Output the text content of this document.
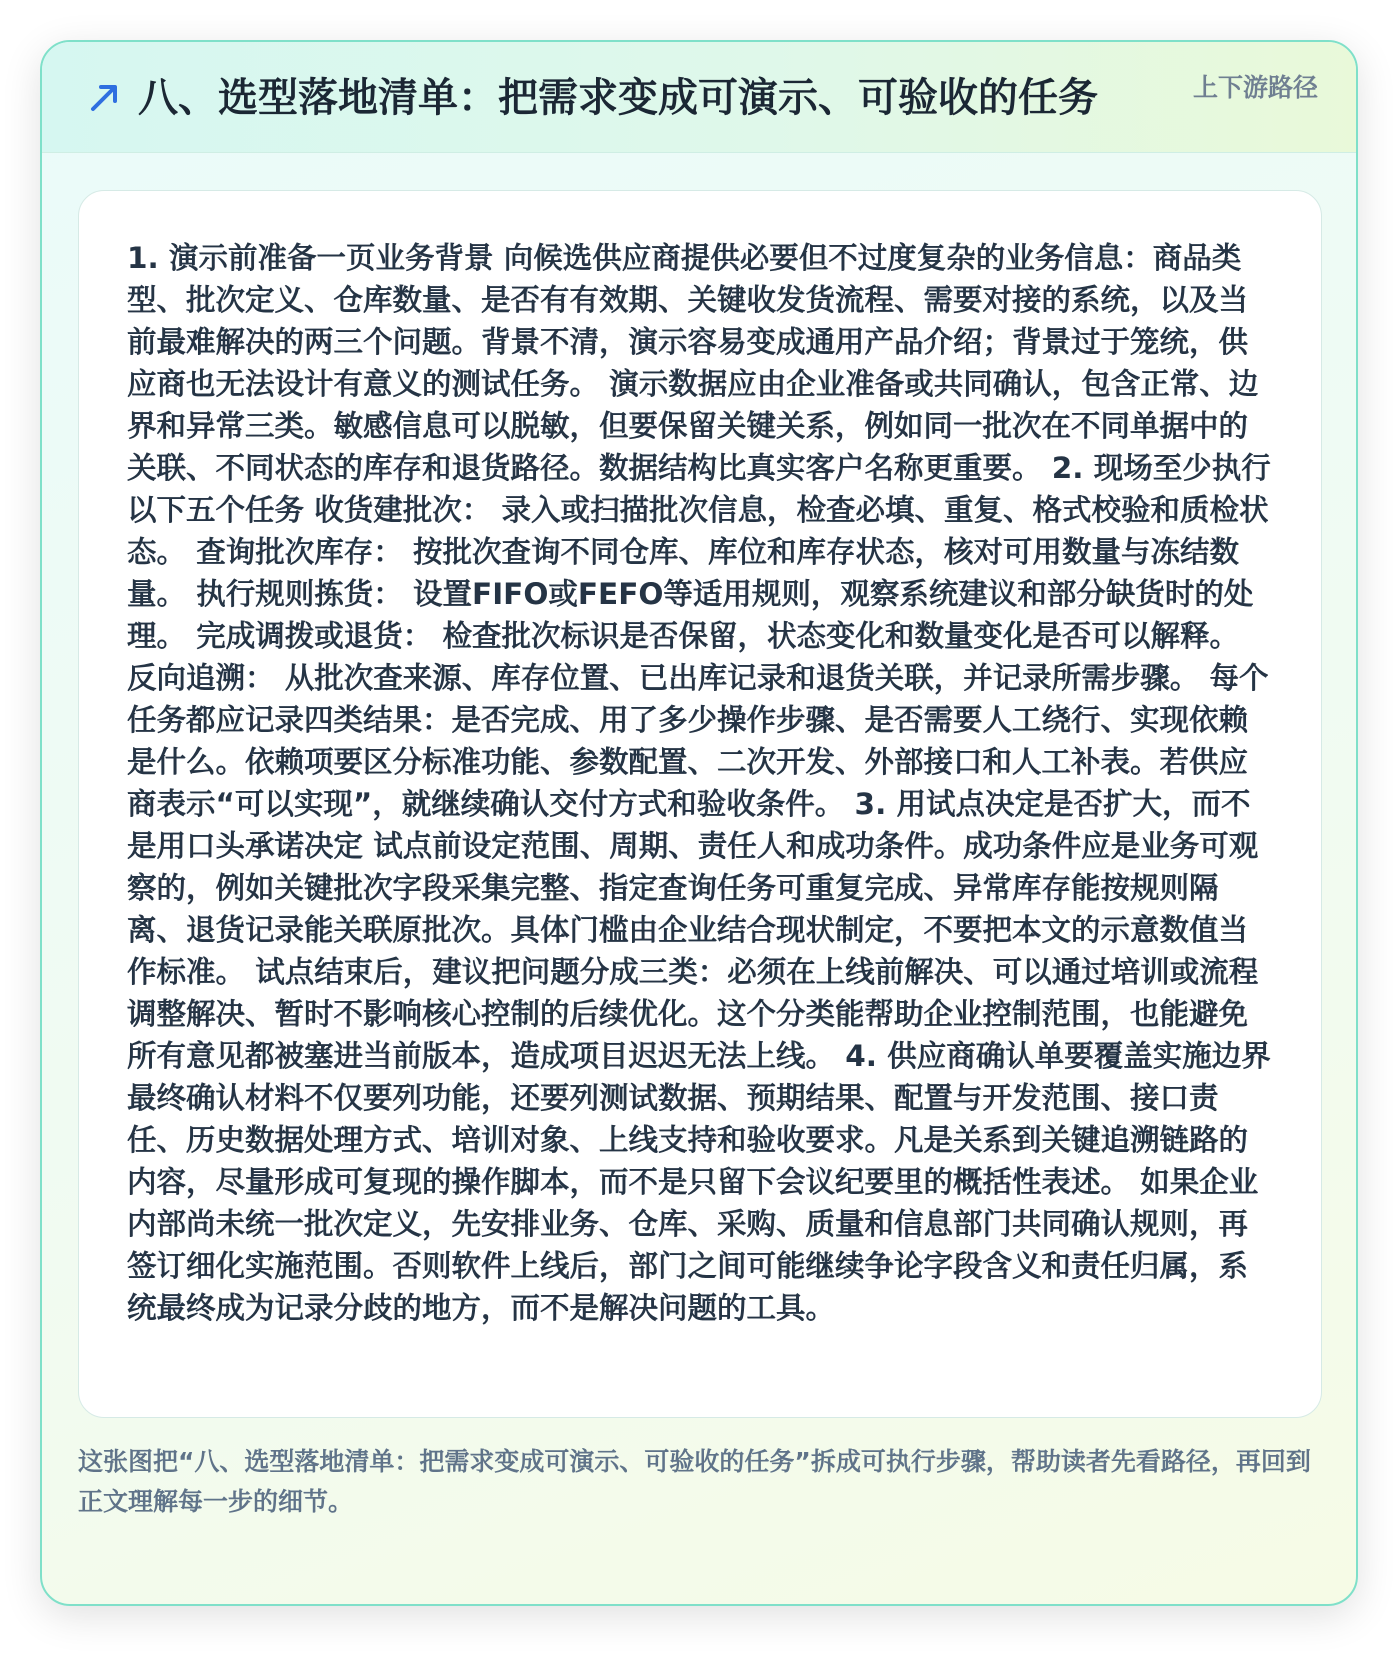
八、选型落地清单：把需求变成可演示、可验收的任务	上下游路径

1. 演示前准备一页业务背景 向候选供应商提供必要但不过度复杂的业务信息：商品类型、批次定义、仓库数量、是否有有效期、关键收发货流程、需要对接的系统，以及当前最难解决的两三个问题。背景不清，演示容易变成通用产品介绍；背景过于笼统，供应商也无法设计有意义的测试任务。 演示数据应由企业准备或共同确认，包含正常、边界和异常三类。敏感信息可以脱敏，但要保留关键关系，例如同一批次在不同单据中的关联、不同状态的库存和退货路径。数据结构比真实客户名称更重要。 2. 现场至少执行以下五个任务 收货建批次： 录入或扫描批次信息，检查必填、重复、格式校验和质检状态。 查询批次库存： 按批次查询不同仓库、库位和库存状态，核对可用数量与冻结数量。 执行规则拣货： 设置FIFO或FEFO等适用规则，观察系统建议和部分缺货时的处理。 完成调拨或退货： 检查批次标识是否保留，状态变化和数量变化是否可以解释。 反向追溯： 从批次查来源、库存位置、已出库记录和退货关联，并记录所需步骤。 每个任务都应记录四类结果：是否完成、用了多少操作步骤、是否需要人工绕行、实现依赖是什么。依赖项要区分标准功能、参数配置、二次开发、外部接口和人工补表。若供应商表示“可以实现”，就继续确认交付方式和验收条件。 3. 用试点决定是否扩大，而不是用口头承诺决定 试点前设定范围、周期、责任人和成功条件。成功条件应是业务可观察的，例如关键批次字段采集完整、指定查询任务可重复完成、异常库存能按规则隔离、退货记录能关联原批次。具体门槛由企业结合现状制定，不要把本文的示意数值当作标准。 试点结束后，建议把问题分成三类：必须在上线前解决、可以通过培训或流程调整解决、暂时不影响核心控制的后续优化。这个分类能帮助企业控制范围，也能避免所有意见都被塞进当前版本，造成项目迟迟无法上线。 4. 供应商确认单要覆盖实施边界 最终确认材料不仅要列功能，还要列测试数据、预期结果、配置与开发范围、接口责任、历史数据处理方式、培训对象、上线支持和验收要求。凡是关系到关键追溯链路的内容，尽量形成可复现的操作脚本，而不是只留下会议纪要里的概括性表述。 如果企业内部尚未统一批次定义，先安排业务、仓库、采购、质量和信息部门共同确认规则，再签订细化实施范围。否则软件上线后，部门之间可能继续争论字段含义和责任归属，系统最终成为记录分歧的地方，而不是解决问题的工具。

这张图把“八、选型落地清单：把需求变成可演示、可验收的任务”拆成可执行步骤，帮助读者先看路径，再回到正文理解每一步的细节。
